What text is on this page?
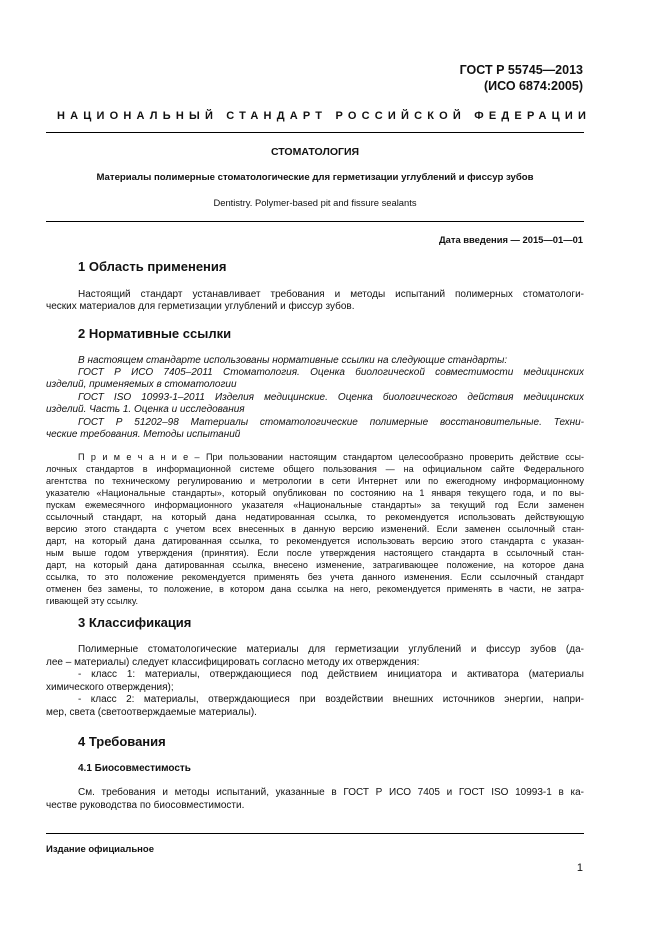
ГОСТ Р 55745—2013
(ИСО 6874:2005)
НАЦИОНАЛЬНЫЙ СТАНДАРТ РОССИЙСКОЙ ФЕДЕРАЦИИ
СТОМАТОЛОГИЯ
Материалы полимерные стоматологические для герметизации углублений и фиссур зубов
Dentistry. Polymer-based pit and fissure sealants
Дата введения — 2015—01—01
1 Область применения
Настоящий стандарт устанавливает требования и методы испытаний полимерных стоматологи-
ческих материалов для герметизации углублений и фиссур зубов.
2 Нормативные ссылки
В настоящем стандарте использованы нормативные ссылки на следующие стандарты:
ГОСТ Р ИСО 7405–2011 Стоматология. Оценка биологической совместимости медицинских
изделий, применяемых в стоматологии
ГОСТ ISO 10993-1–2011 Изделия медицинские. Оценка биологического действия медицинских
изделий. Часть 1. Оценка и исследования
ГОСТ Р 51202–98 Материалы стоматологические полимерные восстановительные. Техни-
ческие требования. Методы испытаний
П р и м е ч а н и е – При пользовании настоящим стандартом целесообразно проверить действие ссы-
лочных стандартов в информационной системе общего пользования — на официальном сайте Федерального
агентства по техническому регулированию и метрологии в сети Интернет или по ежегодному информационному
указателю «Национальные стандарты», который опубликован по состоянию на 1 января текущего года, и по вы-
пускам ежемесячного информационного указателя «Национальные стандарты» за текущий год Если заменен
ссылочный стандарт, на который дана недатированная ссылка, то рекомендуется использовать действующую
версию этого стандарта с учетом всех внесенных в данную версию изменений. Если заменен ссылочный стан-
дарт, на который дана датированная ссылка, то рекомендуется использовать версию этого стандарта с указан-
ным выше годом утверждения (принятия). Если после утверждения настоящего стандарта в ссылочный стан-
дарт, на который дана датированная ссылка, внесено изменение, затрагивающее положение, на которое дана
ссылка, то это положение рекомендуется применять без учета данного изменения. Если ссылочный стандарт
отменен без замены, то положение, в котором дана ссылка на него, рекомендуется применять в части, не затра-
гивающей эту ссылку.
3 Классификация
Полимерные стоматологические материалы для герметизации углублений и фиссур зубов (да-
лее – материалы) следует классифицировать согласно методу их отверждения:
- класс 1: материалы, отверждающиеся под действием инициатора и активатора (материалы
химического отверждения);
- класс 2: материалы, отверждающиеся при воздействии внешних источников энергии, напри-
мер, света (светоотверждаемые материалы).
4 Требования
4.1 Биосовместимость
См. требования и методы испытаний, указанные в ГОСТ Р ИСО 7405 и ГОСТ ISO 10993-1 в ка-
честве руководства по биосовместимости.
Издание официальное
1
